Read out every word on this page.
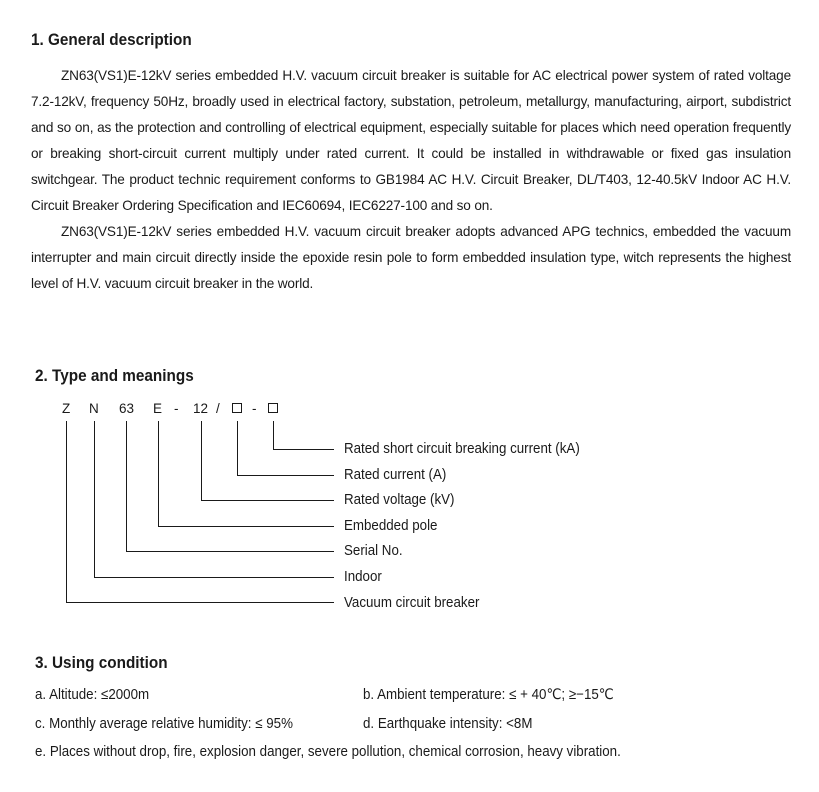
1. General description

ZN63(VS1)E-12kV series embedded H.V. vacuum circuit breaker is suitable for AC electrical power system of rated voltage 7.2-12kV, frequency 50Hz, broadly used in electrical factory, substation, petroleum, metallurgy, manufacturing, airport, subdistrict and so on, as the protection and controlling of electrical equipment, especially suitable for places which need operation frequently or breaking short-circuit current multiply under rated current. It could be installed in withdrawable or fixed gas insulation switchgear. The product technic requirement conforms to GB1984 AC H.V. Circuit Breaker, DL/T403, 12-40.5kV Indoor AC H.V. Circuit Breaker Ordering Specification and IEC60694, IEC6227-100 and so on.

ZN63(VS1)E-12kV series embedded H.V. vacuum circuit breaker adopts advanced APG technics, embedded the vacuum interrupter and main circuit directly inside the epoxide resin pole to form embedded insulation type, witch represents the highest level of H.V. vacuum circuit breaker in the world.

2. Type and meanings
Z N 63 E - 12 / -
Rated short circuit breaking current (kA)
Rated current (A)
Rated voltage (kV)
Embedded pole
Serial No.
Indoor
Vacuum circuit breaker
3. Using condition
a. Altitude: ≤2000m	b. Ambient temperature: ≤ + 40℃; ≥−15℃
c. Monthly average relative humidity: ≤ 95%	d. Earthquake intensity: <8M
e. Places without drop, fire, explosion danger, severe pollution, chemical corrosion, heavy vibration.
